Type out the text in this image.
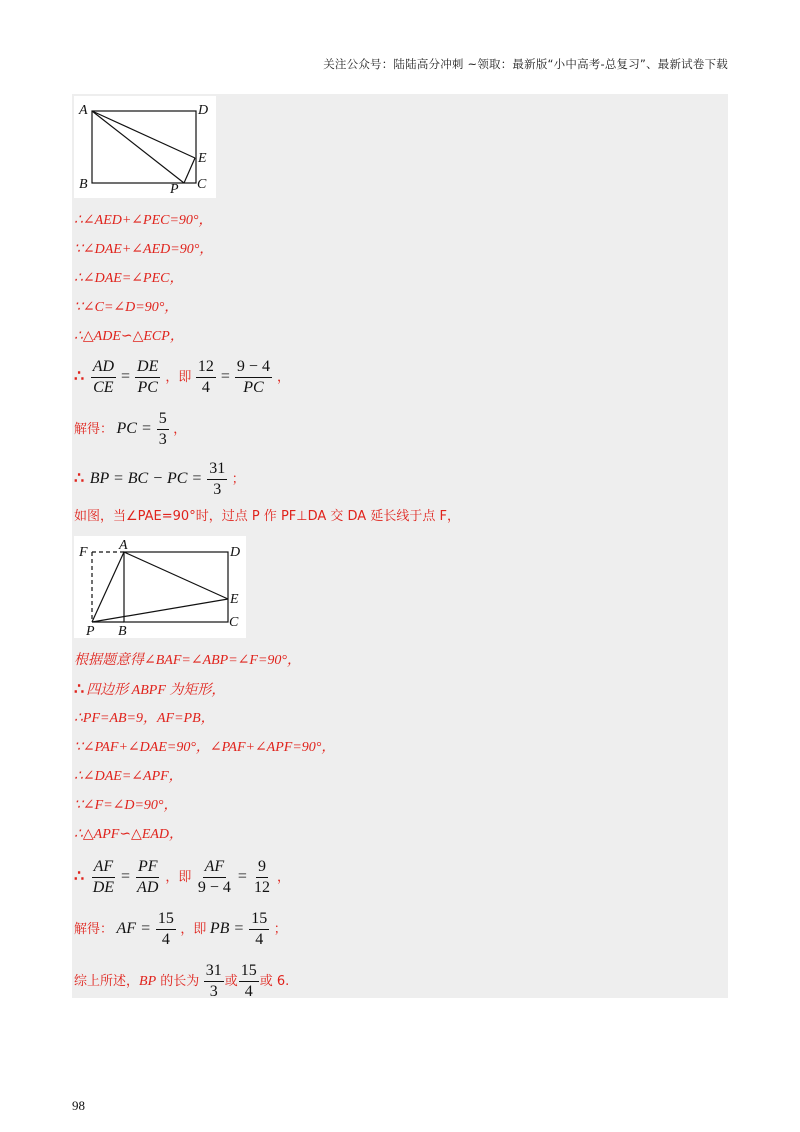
关注公众号：陆陆高分冲刺 ~领取：最新版“小中高考-总复习”、最新试卷下载
A	D
E
B	P C
∴∠AED+∠PEC=90°，
∵∠DAE+∠AED=90°，
∴∠DAE=∠PEC，
∵∠C=∠D=90°，
∴△ADE∽△ECP，
∴ $\frac{AD}{CE} = \frac{DE}{PC}$ ，即 $\frac{12}{4} = \frac{9 - 4}{PC}$ ，
解得： PC = $\frac{5}{3}$ ，
∴ BP = BC − PC = $\frac{31}{3}$ ；
如图，当∠PAE=90°时，过点 P 作 PF⊥DA 交 DA 延长线于点 F，
F A	D
E
P B
C
根据题意得∠BAF=∠ABP=∠F=90°，
∴ 四边形 ABPF 为矩形，
∴PF=AB=9，AF=PB，
∵∠PAF+∠DAE=90°，∠PAF+∠APF=90°，
∴∠DAE=∠APF，
∵∠F=∠D=90°，
∴△APF∽△EAD，
∴ $\frac{AF}{DE} = \frac{PF}{AD}$ ，即 $\frac{AF}{9 - 4} = \frac{9}{12}$ ，
解得： AF = $\frac{15}{4}$ ，即 PB = $\frac{15}{4}$ ；
综上所述，BP 的长为 $\frac{31}{3}$ 或 $\frac{15}{4}$ 或 6.
98
